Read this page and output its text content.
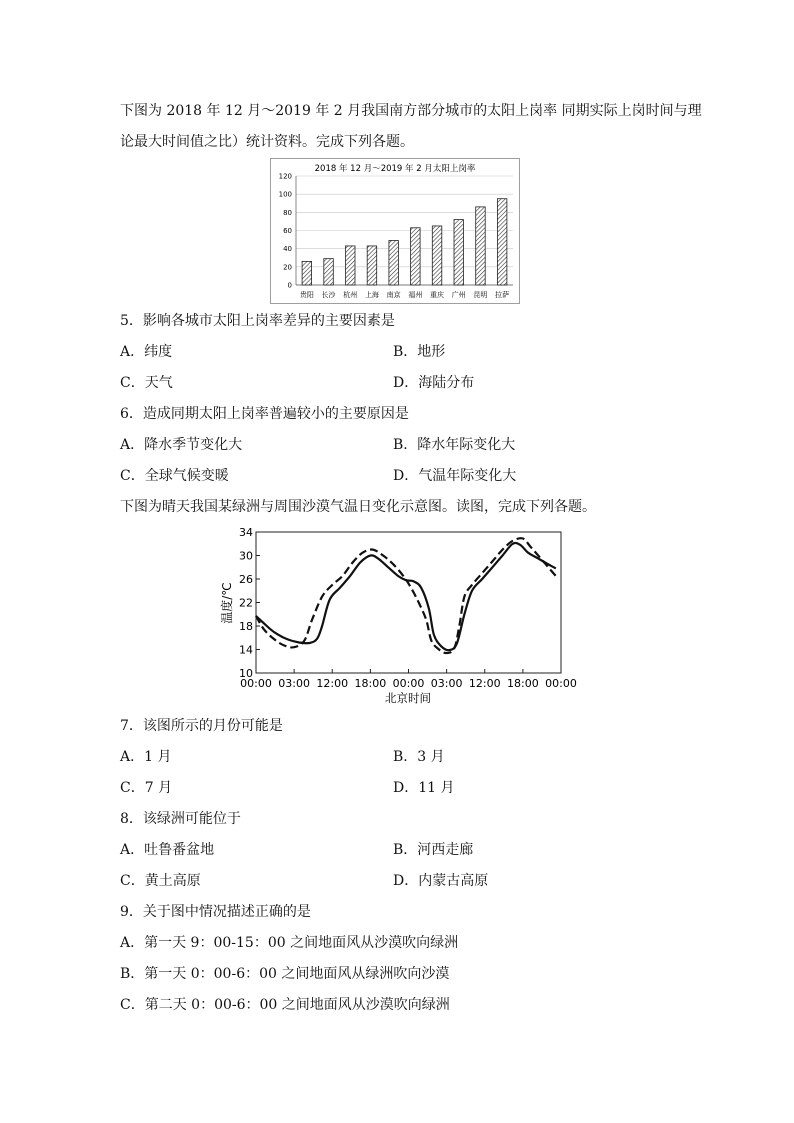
下图为 2018 年 12 月～2019 年 2 月我国南方部分城市的太阳上岗率 同期实际上岗时间与理
论最大时间值之比）统计资料。完成下列各题。
2018 年 12 月～2019 年 2 月太阳上岗率
0
20
40
60
80
100
120
贵阳 长沙 杭州 上海 南京 福州 重庆 广州 昆明 拉萨
5．影响各城市太阳上岗率差异的主要因素是
A．纬度	B．地形
C．天气	D．海陆分布
6．造成同期太阳上岗率普遍较小的主要原因是
A．降水季节变化大	B．降水年际变化大
C．全球气候变暖	D．气温年际变化大
下图为晴天我国某绿洲与周围沙漠气温日变化示意图。读图，完成下列各题。
10
14
18
22
26
30
34
00:00 03:00 12:00 18:00 00:00 03:00 12:00 18:00 00:00
温度/℃
北京时间
7．该图所示的月份可能是
A．1 月	B．3 月
C．7 月	D．11 月
8．该绿洲可能位于
A．吐鲁番盆地	B．河西走廊
C．黄土高原	D．内蒙古高原
9．关于图中情况描述正确的是
A．第一天 9：00-15：00 之间地面风从沙漠吹向绿洲
B．第一天 0：00-6：00 之间地面风从绿洲吹向沙漠
C．第二天 0：00-6：00 之间地面风从沙漠吹向绿洲
